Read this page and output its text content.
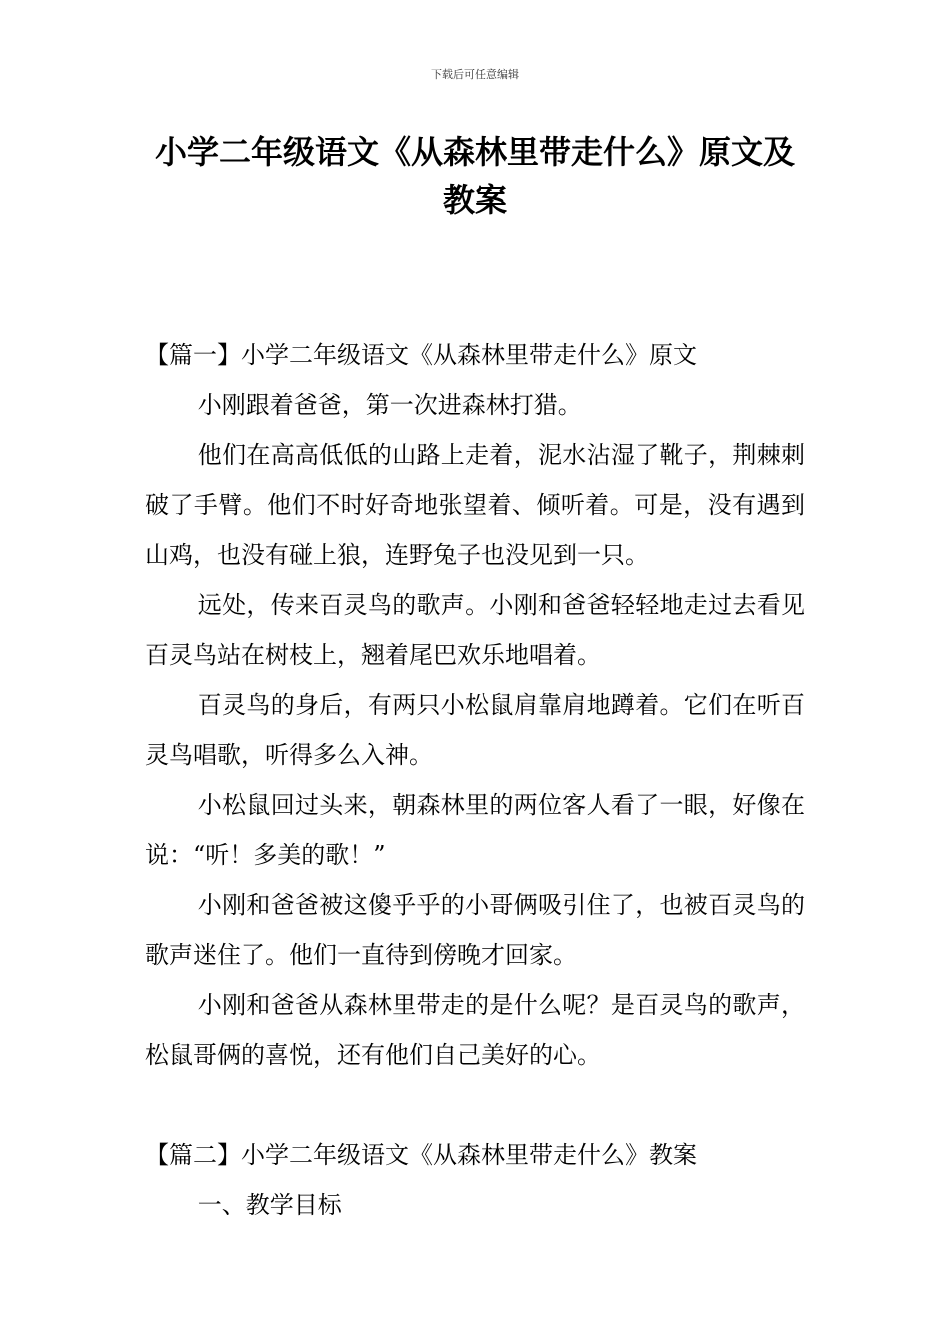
下载后可任意编辑
小学二年级语文《从森林里带走什么》原文及教案

【篇一】小学二年级语文《从森林里带走什么》原文

小刚跟着爸爸，第一次进森林打猎。

他们在高高低低的山路上走着，泥水沾湿了靴子，荆棘刺破了手臂。他们不时好奇地张望着、倾听着。可是，没有遇到山鸡，也没有碰上狼，连野兔子也没见到一只。

远处，传来百灵鸟的歌声。小刚和爸爸轻轻地走过去看见百灵鸟站在树枝上，翘着尾巴欢乐地唱着。

百灵鸟的身后，有两只小松鼠肩靠肩地蹲着。它们在听百灵鸟唱歌，听得多么入神。

小松鼠回过头来，朝森林里的两位客人看了一眼，好像在说：“听！多美的歌！”

小刚和爸爸被这傻乎乎的小哥俩吸引住了，也被百灵鸟的歌声迷住了。他们一直待到傍晚才回家。

小刚和爸爸从森林里带走的是什么呢？是百灵鸟的歌声，松鼠哥俩的喜悦，还有他们自己美好的心。

【篇二】小学二年级语文《从森林里带走什么》教案

一、教学目标
